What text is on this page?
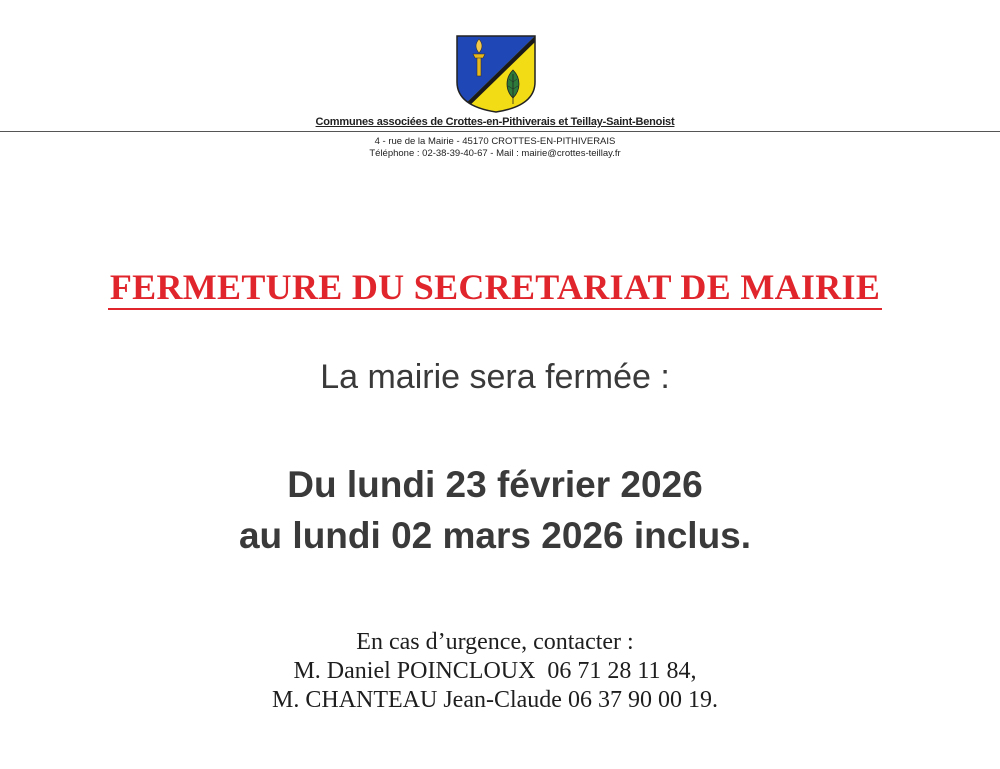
Communes associées de Crottes-en-Pithiverais et Teillay-Saint-Benoist
4 - rue de la Mairie - 45170 CROTTES-EN-PITHIVERAIS
Téléphone : 02-38-39-40-67 - Mail : mairie@crottes-teillay.fr
FERMETURE DU SECRETARIAT DE MAIRIE
La mairie sera fermée :
Du lundi 23 février 2026
au lundi 02 mars 2026 inclus.
En cas d’urgence, contacter :
M. Daniel POINCLOUX  06 71 28 11 84,
M. CHANTEAU Jean-Claude 06 37 90 00 19.
